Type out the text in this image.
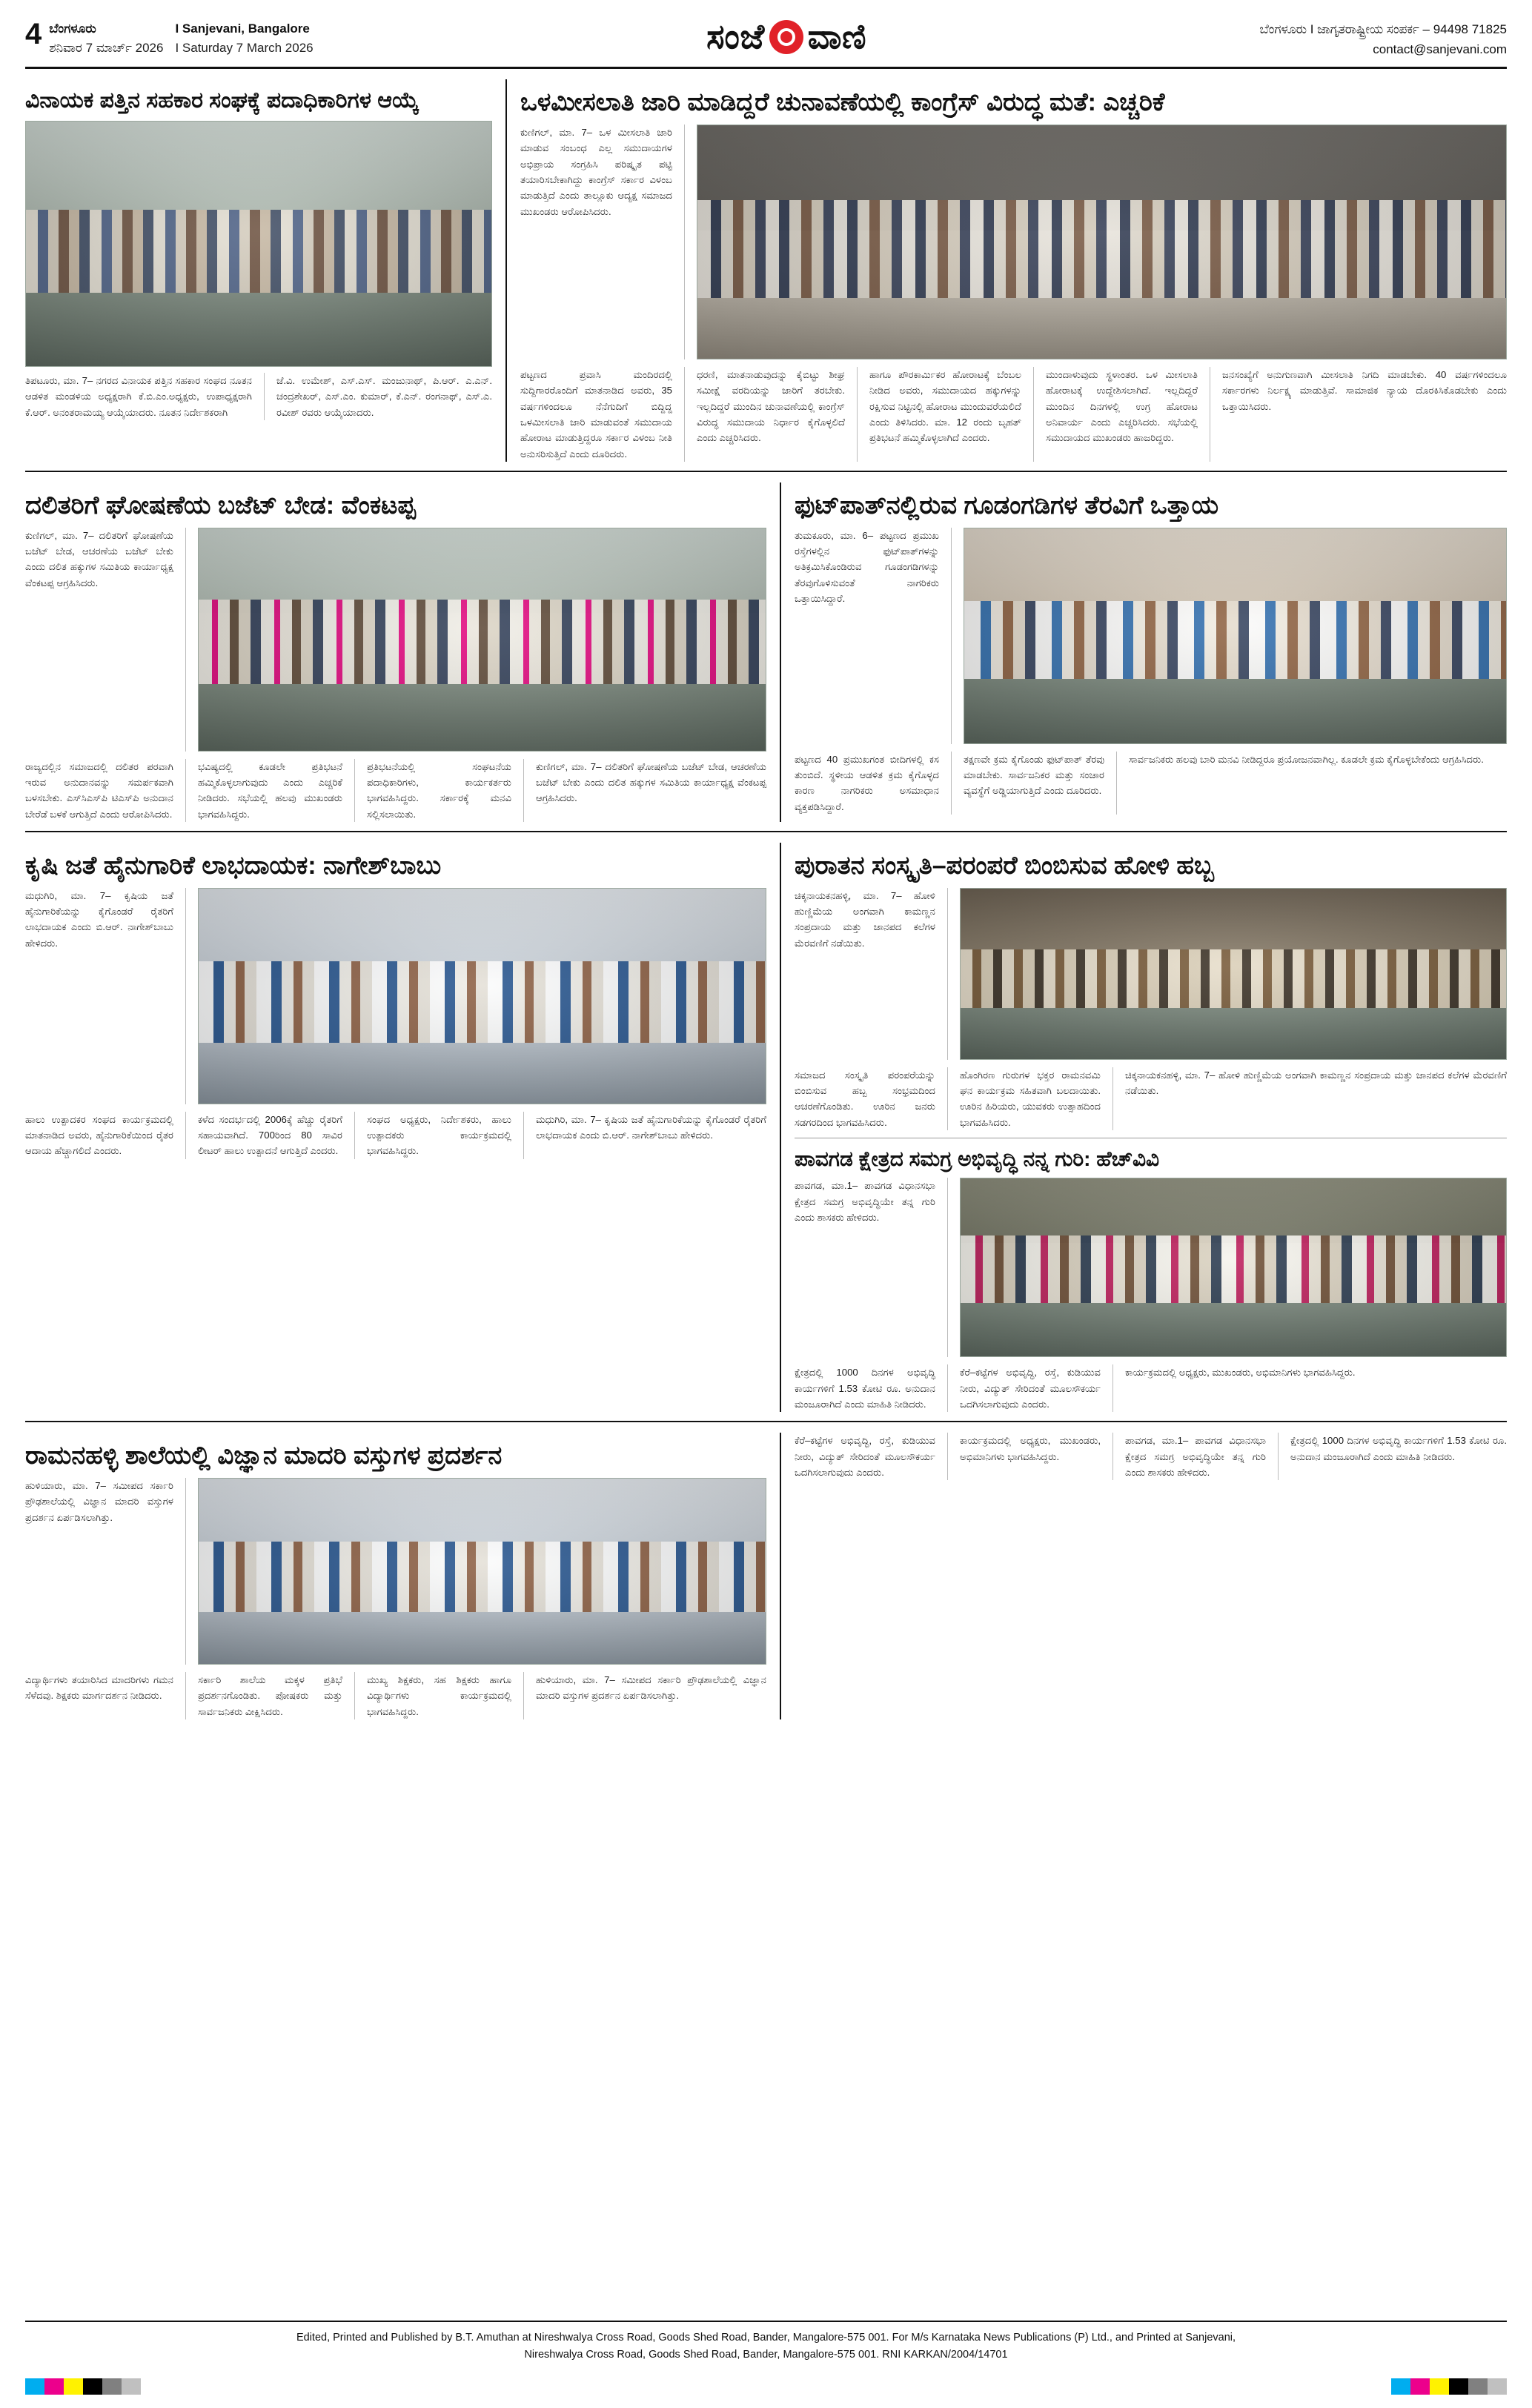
4 ಬೆಂಗಳೂರು
ಶನಿವಾರ 7 ಮಾರ್ಚ್ 2026
I Sanjevani, Bangalore
I Saturday 7 March 2026	ಸಂಜೆ ವಾಣಿ	ಬೆಂಗಳೂರು I ಜಾಗೃತರಾಷ್ಟ್ರೀಯ ಸಂಪರ್ಕ – 94498 71825
contact@sanjevani.com
ವಿನಾಯಕ ಪತ್ತಿನ ಸಹಕಾರ ಸಂಘಕ್ಕೆ ಪದಾಧಿಕಾರಿಗಳ ಆಯ್ಕೆ
ತಿಪಟೂರು, ಮಾ. 7– ನಗರದ ವಿನಾಯಕ ಪತ್ತಿನ ಸಹಕಾರ ಸಂಘದ ನೂತನ ಆಡಳಿತ ಮಂಡಳಿಯ ಅಧ್ಯಕ್ಷರಾಗಿ ಕೆ.ಬಿ.ಎಂ.ಅಧ್ಯಕ್ಷರು, ಉಪಾಧ್ಯಕ್ಷರಾಗಿ ಕೆ.ಆರ್. ಅನಂತರಾಮಯ್ಯ ಆಯ್ಕೆಯಾದರು. ನೂತನ ನಿರ್ದೇಶಕರಾಗಿ
ಜೆ.ವಿ. ಉಮೇಶ್, ಎಸ್.ಎಸ್. ಮಂಜುನಾಥ್, ಪಿ.ಆರ್. ಎ.ಎನ್. ಚಂದ್ರಶೇಖರ್, ಎಸ್.ಎಂ. ಕುಮಾರ್, ಕೆ.ಎನ್. ರಂಗನಾಥ್, ಎಸ್.ಎ. ರವೀಶ್ ರವರು ಆಯ್ಕೆಯಾದರು.
ಒಳಮೀಸಲಾತಿ ಜಾರಿ ಮಾಡಿದ್ದರೆ ಚುನಾವಣೆಯಲ್ಲಿ ಕಾಂಗ್ರೆಸ್ ವಿರುದ್ಧ ಮತೆ: ಎಚ್ಚರಿಕೆ
ಕುಣಿಗಲ್, ಮಾ. 7– ಒಳ ಮೀಸಲಾತಿ ಜಾರಿ ಮಾಡುವ ಸಂಬಂಧ ಎಲ್ಲ ಸಮುದಾಯಗಳ ಅಭಿಪ್ರಾಯ ಸಂಗ್ರಹಿಸಿ ಪರಿಷ್ಕೃತ ಪಟ್ಟಿ ತಯಾರಿಸಬೇಕಾಗಿದ್ದು ಕಾಂಗ್ರೆಸ್ ಸರ್ಕಾರ ವಿಳಂಬ ಮಾಡುತ್ತಿದೆ ಎಂದು ತಾಲ್ಲೂಕು ಆದ್ಯಕ್ಷ ಸಮಾಜದ ಮುಖಂಡರು ಆರೋಪಿಸಿದರು.
ಪಟ್ಟಣದ ಪ್ರವಾಸಿ ಮಂದಿರದಲ್ಲಿ ಸುದ್ದಿಗಾರರೊಂದಿಗೆ ಮಾತನಾಡಿದ ಅವರು, 35 ವರ್ಷಗಳಿಂದಲೂ ನೆನೆಗುದಿಗೆ ಬಿದ್ದಿದ್ದ ಒಳಮೀಸಲಾತಿ ಜಾರಿ ಮಾಡುವಂತೆ ಸಮುದಾಯ ಹೋರಾಟ ಮಾಡುತ್ತಿದ್ದರೂ ಸರ್ಕಾರ ವಿಳಂಬ ನೀತಿ ಅನುಸರಿಸುತ್ತಿದೆ ಎಂದು ದೂರಿದರು.
ಧರಣಿ, ಮಾತನಾಡುವುದನ್ನು ಕೈಬಿಟ್ಟು ಶೀಘ್ರ ಸಮೀಕ್ಷೆ ವರದಿಯನ್ನು ಜಾರಿಗೆ ತರಬೇಕು. ಇಲ್ಲದಿದ್ದರೆ ಮುಂದಿನ ಚುನಾವಣೆಯಲ್ಲಿ ಕಾಂಗ್ರೆಸ್ ವಿರುದ್ಧ ಸಮುದಾಯ ನಿರ್ಧಾರ ಕೈಗೊಳ್ಳಲಿದೆ ಎಂದು ಎಚ್ಚರಿಸಿದರು.
ಹಾಗೂ ಪೌರಕಾರ್ಮಿಕರ ಹೋರಾಟಕ್ಕೆ ಬೆಂಬಲ ನೀಡಿದ ಅವರು, ಸಮುದಾಯದ ಹಕ್ಕುಗಳನ್ನು ರಕ್ಷಿಸುವ ನಿಟ್ಟಿನಲ್ಲಿ ಹೋರಾಟ ಮುಂದುವರೆಯಲಿದೆ ಎಂದು ತಿಳಿಸಿದರು. ಮಾ. 12 ರಂದು ಬೃಹತ್ ಪ್ರತಿಭಟನೆ ಹಮ್ಮಿಕೊಳ್ಳಲಾಗಿದೆ ಎಂದರು.
ಮುಂದಾಳುವುದು ಸ್ಥಳಾಂತರ. ಒಳ ಮೀಸಲಾತಿ ಹೋರಾಟಕ್ಕೆ ಉದ್ದೇಶಿಸಲಾಗಿದೆ. ಇಲ್ಲದಿದ್ದರೆ ಮುಂದಿನ ದಿನಗಳಲ್ಲಿ ಉಗ್ರ ಹೋರಾಟ ಅನಿವಾರ್ಯ ಎಂದು ಎಚ್ಚರಿಸಿದರು. ಸಭೆಯಲ್ಲಿ ಸಮುದಾಯದ ಮುಖಂಡರು ಹಾಜರಿದ್ದರು.
ಜನಸಂಖ್ಯೆಗೆ ಅನುಗುಣವಾಗಿ ಮೀಸಲಾತಿ ನಿಗದಿ ಮಾಡಬೇಕು. 40 ವರ್ಷಗಳಿಂದಲೂ ಸರ್ಕಾರಗಳು ನಿರ್ಲಕ್ಷ್ಯ ಮಾಡುತ್ತಿವೆ. ಸಾಮಾಜಿಕ ನ್ಯಾಯ ದೊರಕಿಸಿಕೊಡಬೇಕು ಎಂದು ಒತ್ತಾಯಿಸಿದರು.
ದಲಿತರಿಗೆ ಘೋಷಣೆಯ ಬಜೆಟ್ ಬೇಡ: ವೆಂಕಟಪ್ಪ
ಕುಣಿಗಲ್, ಮಾ. 7– ದಲಿತರಿಗೆ ಘೋಷಣೆಯ ಬಜೆಟ್ ಬೇಡ, ಆಚರಣೆಯ ಬಜೆಟ್ ಬೇಕು ಎಂದು ದಲಿತ ಹಕ್ಕುಗಳ ಸಮಿತಿಯ ಕಾರ್ಯಾಧ್ಯಕ್ಷ ವೆಂಕಟಪ್ಪ ಆಗ್ರಹಿಸಿದರು.
ರಾಜ್ಯದಲ್ಲಿನ ಸಮಾಜದಲ್ಲಿ ದಲಿತರ ಪರವಾಗಿ ಇರುವ ಅನುದಾನವನ್ನು ಸಮರ್ಪಕವಾಗಿ ಬಳಸಬೇಕು. ಎಸ್‌ಸಿಎಸ್‌ಪಿ ಟಿಎಸ್‌ಪಿ ಅನುದಾನ ಬೇರೆಡೆ ಬಳಕೆ ಆಗುತ್ತಿದೆ ಎಂದು ಆರೋಪಿಸಿದರು.
ಭವಿಷ್ಯದಲ್ಲಿ ಕೂಡಲೇ ಪ್ರತಿಭಟನೆ ಹಮ್ಮಿಕೊಳ್ಳಲಾಗುವುದು ಎಂದು ಎಚ್ಚರಿಕೆ ನೀಡಿದರು. ಸಭೆಯಲ್ಲಿ ಹಲವು ಮುಖಂಡರು ಭಾಗವಹಿಸಿದ್ದರು.
ಪ್ರತಿಭಟನೆಯಲ್ಲಿ ಸಂಘಟನೆಯ ಪದಾಧಿಕಾರಿಗಳು, ಕಾರ್ಯಕರ್ತರು ಭಾಗವಹಿಸಿದ್ದರು. ಸರ್ಕಾರಕ್ಕೆ ಮನವಿ ಸಲ್ಲಿಸಲಾಯಿತು.
ಕುಣಿಗಲ್, ಮಾ. 7– ದಲಿತರಿಗೆ ಘೋಷಣೆಯ ಬಜೆಟ್ ಬೇಡ, ಆಚರಣೆಯ ಬಜೆಟ್ ಬೇಕು ಎಂದು ದಲಿತ ಹಕ್ಕುಗಳ ಸಮಿತಿಯ ಕಾರ್ಯಾಧ್ಯಕ್ಷ ವೆಂಕಟಪ್ಪ ಆಗ್ರಹಿಸಿದರು.
ಫುಟ್‌ಪಾತ್‌ನಲ್ಲಿರುವ ಗೂಡಂಗಡಿಗಳ ತೆರವಿಗೆ ಒತ್ತಾಯ
ತುಮಕೂರು, ಮಾ. 6– ಪಟ್ಟಣದ ಪ್ರಮುಖ ರಸ್ತೆಗಳಲ್ಲಿನ ಫುಟ್‌ಪಾತ್‌ಗಳನ್ನು ಅತಿಕ್ರಮಿಸಿಕೊಂಡಿರುವ ಗೂಡಂಗಡಿಗಳನ್ನು ತೆರವುಗೊಳಿಸುವಂತೆ ನಾಗರಿಕರು ಒತ್ತಾಯಿಸಿದ್ದಾರೆ.
ಪಟ್ಟಣದ 40 ಪ್ರಮುಖಗಂತ ಬೀದಿಗಳಲ್ಲಿ ಕಸ ತುಂಬಿದೆ. ಸ್ಥಳೀಯ ಆಡಳಿತ ಕ್ರಮ ಕೈಗೊಳ್ಳದ ಕಾರಣ ನಾಗರಿಕರು ಅಸಮಾಧಾನ ವ್ಯಕ್ತಪಡಿಸಿದ್ದಾರೆ.
ತಕ್ಷಣವೇ ಕ್ರಮ ಕೈಗೊಂಡು ಫುಟ್‌ಪಾತ್ ತೆರವು ಮಾಡಬೇಕು. ಸಾರ್ವಜನಿಕರ ಮತ್ತು ಸಂಚಾರ ವ್ಯವಸ್ಥೆಗೆ ಅಡ್ಡಿಯಾಗುತ್ತಿದೆ ಎಂದು ದೂರಿದರು.
ಸಾರ್ವಜನಿಕರು ಹಲವು ಬಾರಿ ಮನವಿ ನೀಡಿದ್ದರೂ ಪ್ರಯೋಜನವಾಗಿಲ್ಲ. ಕೂಡಲೇ ಕ್ರಮ ಕೈಗೊಳ್ಳಬೇಕೆಂದು ಆಗ್ರಹಿಸಿದರು.
ಕೃಷಿ ಜತೆ ಹೈನುಗಾರಿಕೆ ಲಾಭದಾಯಕ: ನಾಗೇಶ್‌ಬಾಬು
ಮಧುಗಿರಿ, ಮಾ. 7– ಕೃಷಿಯ ಜತೆ ಹೈನುಗಾರಿಕೆಯನ್ನು ಕೈಗೊಂಡರೆ ರೈತರಿಗೆ ಲಾಭದಾಯಕ ಎಂದು ಬಿ.ಆರ್. ನಾಗೇಶ್‌ಬಾಬು ಹೇಳಿದರು.
ಹಾಲು ಉತ್ಪಾದಕರ ಸಂಘದ ಕಾರ್ಯಕ್ರಮದಲ್ಲಿ ಮಾತನಾಡಿದ ಅವರು, ಹೈನುಗಾರಿಕೆಯಿಂದ ರೈತರ ಆದಾಯ ಹೆಚ್ಚಾಗಲಿದೆ ಎಂದರು.
ಕಳೆದ ಸಂದರ್ಭದಲ್ಲಿ 2006ಕ್ಕೆ ಹೆಚ್ಚು ರೈತರಿಗೆ ಸಹಾಯವಾಗಿದೆ. 700ರಿಂದ 80 ಸಾವಿರ ಲೀಟರ್ ಹಾಲು ಉತ್ಪಾದನೆ ಆಗುತ್ತಿದೆ ಎಂದರು.
ಸಂಘದ ಅಧ್ಯಕ್ಷರು, ನಿರ್ದೇಶಕರು, ಹಾಲು ಉತ್ಪಾದಕರು ಕಾರ್ಯಕ್ರಮದಲ್ಲಿ ಭಾಗವಹಿಸಿದ್ದರು.
ಮಧುಗಿರಿ, ಮಾ. 7– ಕೃಷಿಯ ಜತೆ ಹೈನುಗಾರಿಕೆಯನ್ನು ಕೈಗೊಂಡರೆ ರೈತರಿಗೆ ಲಾಭದಾಯಕ ಎಂದು ಬಿ.ಆರ್. ನಾಗೇಶ್‌ಬಾಬು ಹೇಳಿದರು.
ಪುರಾತನ ಸಂಸ್ಕೃತಿ–ಪರಂಪರೆ ಬಿಂಬಿಸುವ ಹೋಳಿ ಹಬ್ಬ
ಚಿಕ್ಕನಾಯಕನಹಳ್ಳಿ, ಮಾ. 7– ಹೋಳಿ ಹುಣ್ಣಿಮೆಯ ಅಂಗವಾಗಿ ಕಾಮಣ್ಣನ ಸಂಪ್ರದಾಯ ಮತ್ತು ಜಾನಪದ ಕಲೆಗಳ ಮೆರವಣಿಗೆ ನಡೆಯಿತು.
ಸಮಾಜದ ಸಂಸ್ಕೃತಿ ಪರಂಪರೆಯನ್ನು ಬಿಂಬಿಸುವ ಹಬ್ಬ ಸಂಭ್ರಮದಿಂದ ಆಚರಣೆಗೊಂಡಿತು. ಊರಿನ ಜನರು ಸಡಗರದಿಂದ ಭಾಗವಹಿಸಿದರು.
ಹೊಂಗಿರಣ ಗುರುಗಳ ಭಕ್ತರ ರಾಮನವಮಿ ಘನ ಕಾರ್ಯಕ್ರಮ ಸಹಿತವಾಗಿ ಬಲದಾಯಿತು. ಊರಿನ ಹಿರಿಯರು, ಯುವಕರು ಉತ್ಸಾಹದಿಂದ ಭಾಗವಹಿಸಿದರು.
ಚಿಕ್ಕನಾಯಕನಹಳ್ಳಿ, ಮಾ. 7– ಹೋಳಿ ಹುಣ್ಣಿಮೆಯ ಅಂಗವಾಗಿ ಕಾಮಣ್ಣನ ಸಂಪ್ರದಾಯ ಮತ್ತು ಜಾನಪದ ಕಲೆಗಳ ಮೆರವಣಿಗೆ ನಡೆಯಿತು.
ಪಾವಗಡ ಕ್ಷೇತ್ರದ ಸಮಗ್ರ ಅಭಿವೃದ್ಧಿ ನನ್ನ ಗುರಿ: ಹೆಚ್‌ವಿವಿ
ಪಾವಗಡ, ಮಾ.1– ಪಾವಗಡ ವಿಧಾನಸಭಾ ಕ್ಷೇತ್ರದ ಸಮಗ್ರ ಅಭಿವೃದ್ಧಿಯೇ ತನ್ನ ಗುರಿ ಎಂದು ಶಾಸಕರು ಹೇಳಿದರು.
ಕ್ಷೇತ್ರದಲ್ಲಿ 1000 ದಿನಗಳ ಅಭಿವೃದ್ಧಿ ಕಾರ್ಯಗಳಿಗೆ 1.53 ಕೋಟಿ ರೂ. ಅನುದಾನ ಮಂಜೂರಾಗಿದೆ ಎಂದು ಮಾಹಿತಿ ನೀಡಿದರು.
ಕೆರೆ–ಕಟ್ಟೆಗಳ ಅಭಿವೃದ್ಧಿ, ರಸ್ತೆ, ಕುಡಿಯುವ ನೀರು, ವಿದ್ಯುತ್ ಸೇರಿದಂತೆ ಮೂಲಸೌಕರ್ಯ ಒದಗಿಸಲಾಗುವುದು ಎಂದರು.
ಕಾರ್ಯಕ್ರಮದಲ್ಲಿ ಅಧ್ಯಕ್ಷರು, ಮುಖಂಡರು, ಅಭಿಮಾನಿಗಳು ಭಾಗವಹಿಸಿದ್ದರು.
ರಾಮನಹಳ್ಳಿ ಶಾಲೆಯಲ್ಲಿ ವಿಜ್ಞಾನ ಮಾದರಿ ವಸ್ತುಗಳ ಪ್ರದರ್ಶನ
ಹುಳಿಯಾರು, ಮಾ. 7– ಸಮೀಪದ ಸರ್ಕಾರಿ ಪ್ರೌಢಶಾಲೆಯಲ್ಲಿ ವಿಜ್ಞಾನ ಮಾದರಿ ವಸ್ತುಗಳ ಪ್ರದರ್ಶನ ಏರ್ಪಡಿಸಲಾಗಿತ್ತು.
ವಿದ್ಯಾರ್ಥಿಗಳು ತಯಾರಿಸಿದ ಮಾದರಿಗಳು ಗಮನ ಸೆಳೆದವು. ಶಿಕ್ಷಕರು ಮಾರ್ಗದರ್ಶನ ನೀಡಿದರು.
ಸರ್ಕಾರಿ ಶಾಲೆಯ ಮಕ್ಕಳ ಪ್ರತಿಭೆ ಪ್ರದರ್ಶನಗೊಂಡಿತು. ಪೋಷಕರು ಮತ್ತು ಸಾರ್ವಜನಿಕರು ವೀಕ್ಷಿಸಿದರು.
ಮುಖ್ಯ ಶಿಕ್ಷಕರು, ಸಹ ಶಿಕ್ಷಕರು ಹಾಗೂ ವಿದ್ಯಾರ್ಥಿಗಳು ಕಾರ್ಯಕ್ರಮದಲ್ಲಿ ಭಾಗವಹಿಸಿದ್ದರು.
ಹುಳಿಯಾರು, ಮಾ. 7– ಸಮೀಪದ ಸರ್ಕಾರಿ ಪ್ರೌಢಶಾಲೆಯಲ್ಲಿ ವಿಜ್ಞಾನ ಮಾದರಿ ವಸ್ತುಗಳ ಪ್ರದರ್ಶನ ಏರ್ಪಡಿಸಲಾಗಿತ್ತು.
ಕೆರೆ–ಕಟ್ಟೆಗಳ ಅಭಿವೃದ್ಧಿ, ರಸ್ತೆ, ಕುಡಿಯುವ ನೀರು, ವಿದ್ಯುತ್ ಸೇರಿದಂತೆ ಮೂಲಸೌಕರ್ಯ ಒದಗಿಸಲಾಗುವುದು ಎಂದರು.
ಕಾರ್ಯಕ್ರಮದಲ್ಲಿ ಅಧ್ಯಕ್ಷರು, ಮುಖಂಡರು, ಅಭಿಮಾನಿಗಳು ಭಾಗವಹಿಸಿದ್ದರು.
ಪಾವಗಡ, ಮಾ.1– ಪಾವಗಡ ವಿಧಾನಸಭಾ ಕ್ಷೇತ್ರದ ಸಮಗ್ರ ಅಭಿವೃದ್ಧಿಯೇ ತನ್ನ ಗುರಿ ಎಂದು ಶಾಸಕರು ಹೇಳಿದರು.
ಕ್ಷೇತ್ರದಲ್ಲಿ 1000 ದಿನಗಳ ಅಭಿವೃದ್ಧಿ ಕಾರ್ಯಗಳಿಗೆ 1.53 ಕೋಟಿ ರೂ. ಅನುದಾನ ಮಂಜೂರಾಗಿದೆ ಎಂದು ಮಾಹಿತಿ ನೀಡಿದರು.
Edited, Printed and Published by B.T. Amuthan at Nireshwalya Cross Road, Goods Shed Road, Bander, Mangalore-575 001. For M/s Karnataka News Publications (P) Ltd., and Printed at Sanjevani,
Nireshwalya Cross Road, Goods Shed Road, Bander, Mangalore-575 001. RNI KARKAN/2004/14701
